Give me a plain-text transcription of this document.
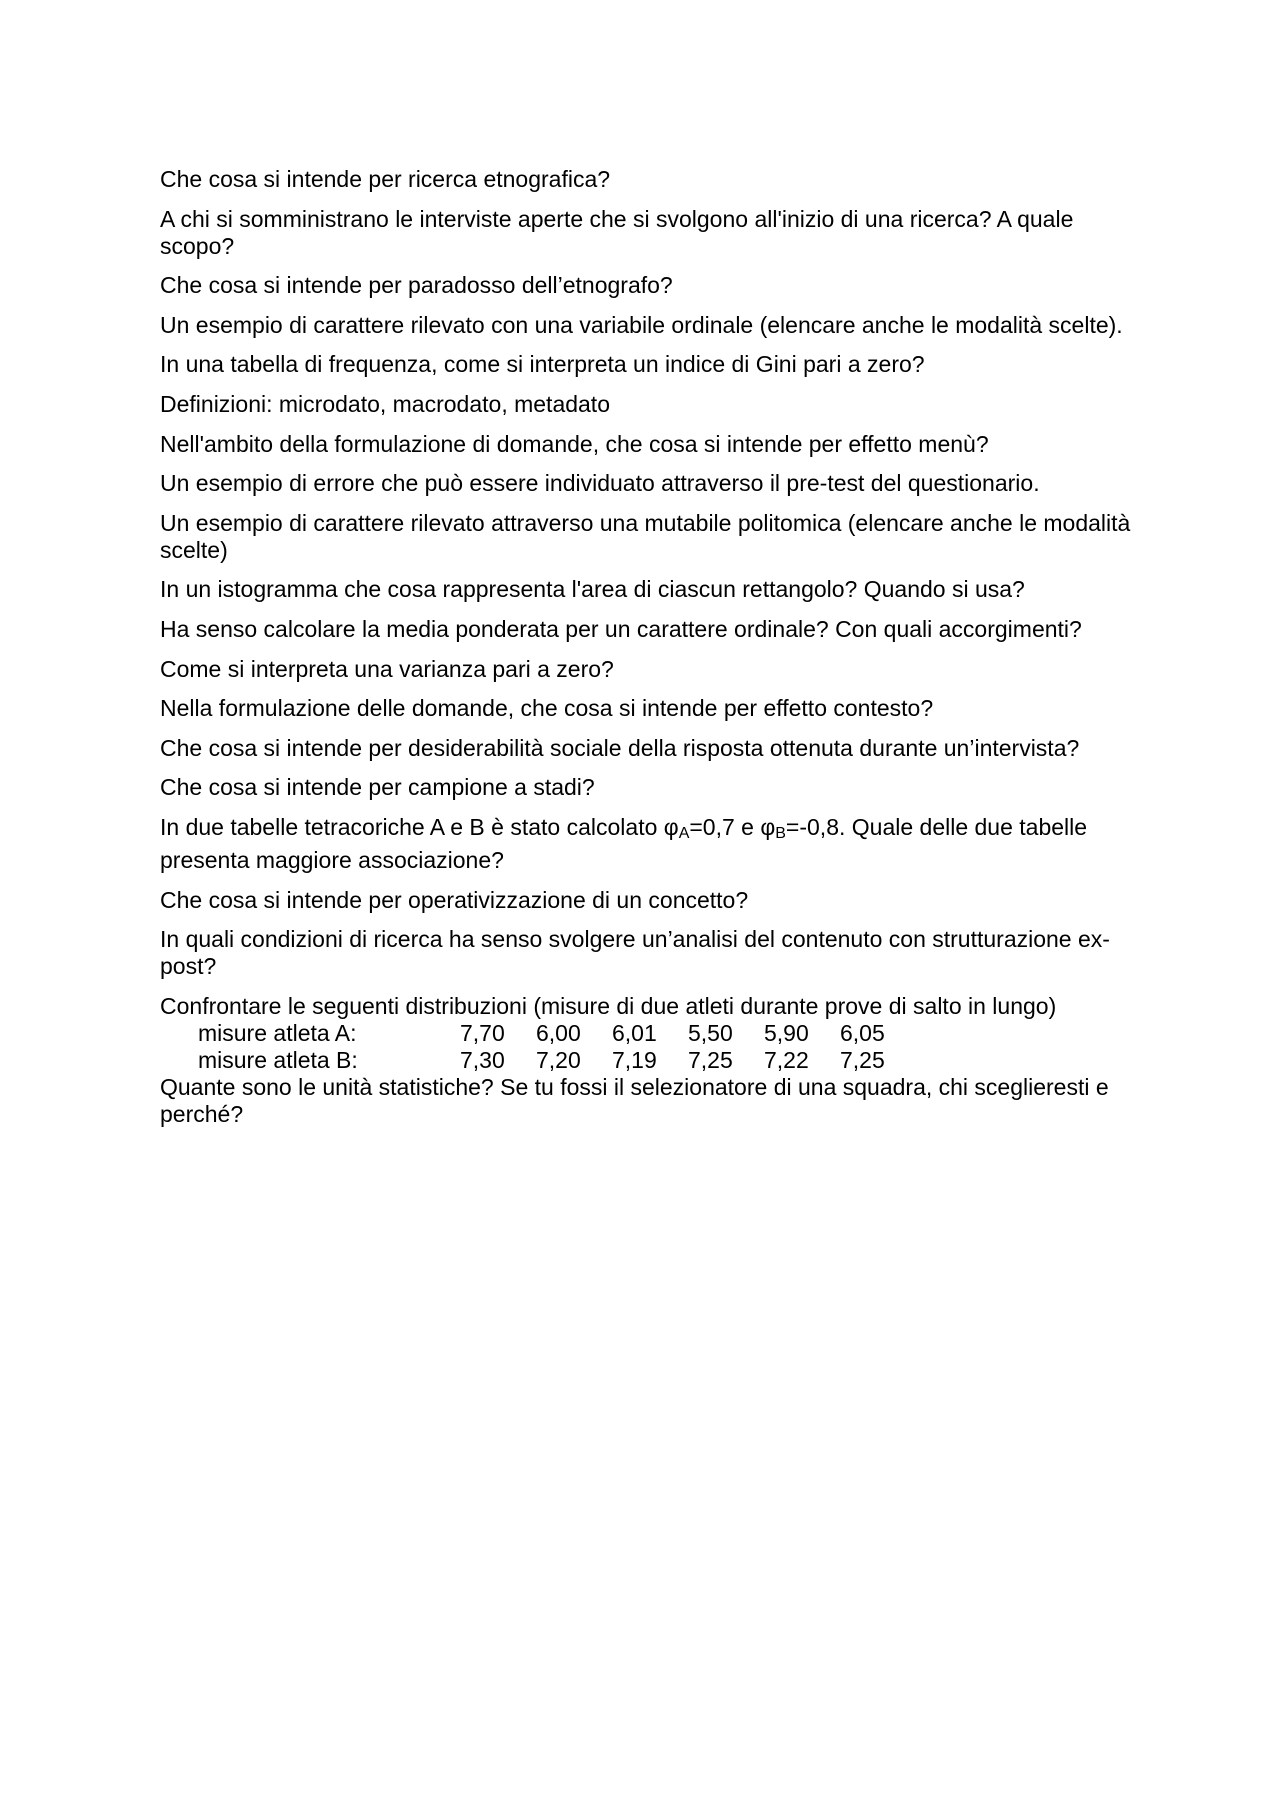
Che cosa si intende per ricerca etnografica?

A chi si somministrano le interviste aperte che si svolgono all'inizio di una ricerca? A quale scopo?

Che cosa si intende per paradosso dell’etnografo?

Un esempio di carattere rilevato con una variabile ordinale (elencare anche le modalità scelte).

In una tabella di frequenza, come si interpreta un indice di Gini pari a zero?

Definizioni: microdato, macrodato, metadato

Nell'ambito della formulazione di domande, che cosa si intende per effetto menù?

Un esempio di errore che può essere individuato attraverso il pre-test del questionario.

Un esempio di carattere rilevato attraverso una mutabile politomica (elencare anche le modalità scelte)

In un istogramma che cosa rappresenta l'area di ciascun rettangolo? Quando si usa?

Ha senso calcolare la media ponderata per un carattere ordinale? Con quali accorgimenti?

Come si interpreta una varianza pari a zero?

Nella formulazione delle domande, che cosa si intende per effetto contesto?

Che cosa si intende per desiderabilità sociale della risposta ottenuta durante un’intervista?

Che cosa si intende per campione a stadi?

In due tabelle tetracoriche A e B è stato calcolato φA=0,7 e φB=-0,8. Quale delle due tabelle presenta maggiore associazione?

Che cosa si intende per operativizzazione di un concetto?

In quali condizioni di ricerca ha senso svolgere un’analisi del contenuto con strutturazione ex-post?

Confrontare le seguenti distribuzioni (misure di due atleti durante prove di salto in lungo)

misure atleta A:	7,70	6,00	6,01	5,50	5,90	6,05
misure atleta B:	7,30	7,20	7,19	7,25	7,22	7,25

Quante sono le unità statistiche? Se tu fossi il selezionatore di una squadra, chi sceglieresti e perché?
